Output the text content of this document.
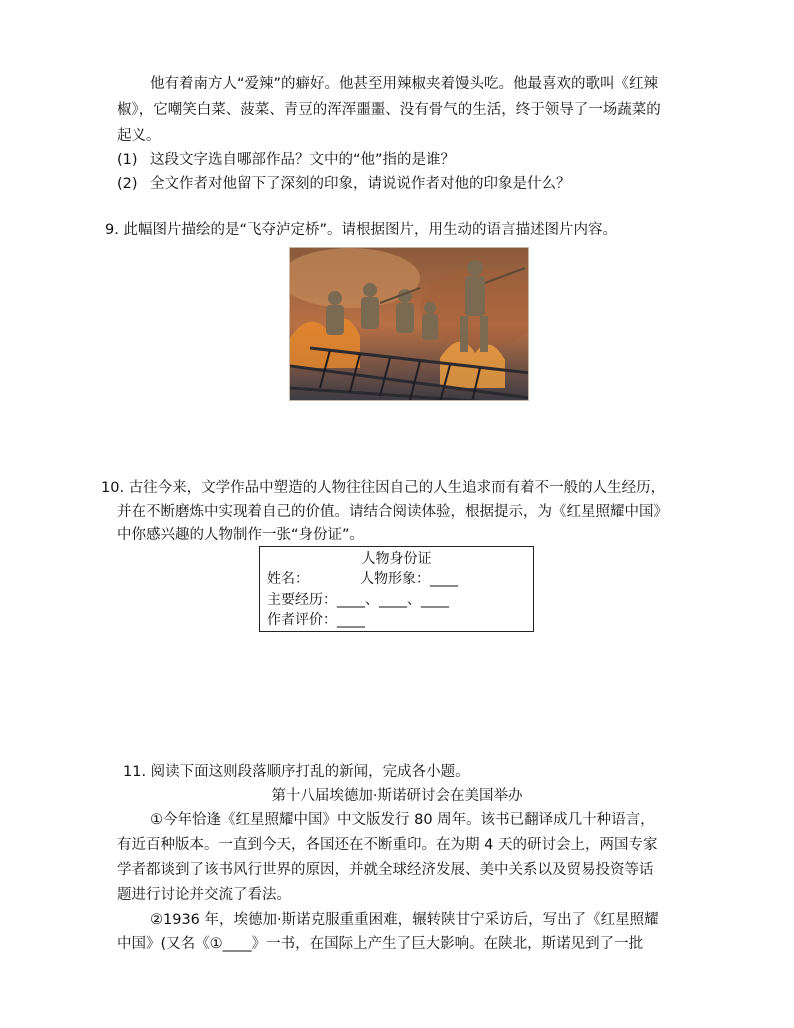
他有着南方人“爱辣”的癖好。他甚至用辣椒夹着馒头吃。他最喜欢的歌叫《红辣
椒》，它嘲笑白菜、菠菜、青豆的浑浑噩噩、没有骨气的生活，终于领导了一场蔬菜的
起义。
(1) 这段文字选自哪部作品？文中的“他”指的是谁？
(2) 全文作者对他留下了深刻的印象，请说说作者对他的印象是什么？
9. 此幅图片描绘的是“飞夺泸定桥”。请根据图片，用生动的语言描述图片内容。
10. 古往今来，文学作品中塑造的人物往往因自己的人生追求而有着不一般的人生经历，
并在不断磨炼中实现着自己的价值。请结合阅读体验，根据提示，为《红星照耀中国》
中你感兴趣的人物制作一张“身份证”。
人物身份证
姓名：	人物形象：____
主要经历：____、____、____
作者评价：____
11. 阅读下面这则段落顺序打乱的新闻，完成各小题。
第十八届埃德加·斯诺研讨会在美国举办
①今年恰逢《红星照耀中国》中文版发行 80 周年。该书已翻译成几十种语言，
有近百种版本。一直到今天，各国还在不断重印。在为期 4 天的研讨会上，两国专家
学者都谈到了该书风行世界的原因，并就全球经济发展、美中关系以及贸易投资等话
题进行讨论并交流了看法。
②1936 年，埃德加·斯诺克服重重困难，辗转陕甘宁采访后，写出了《红星照耀
中国》(又名《①____》一书，在国际上产生了巨大影响。在陕北，斯诺见到了一批
